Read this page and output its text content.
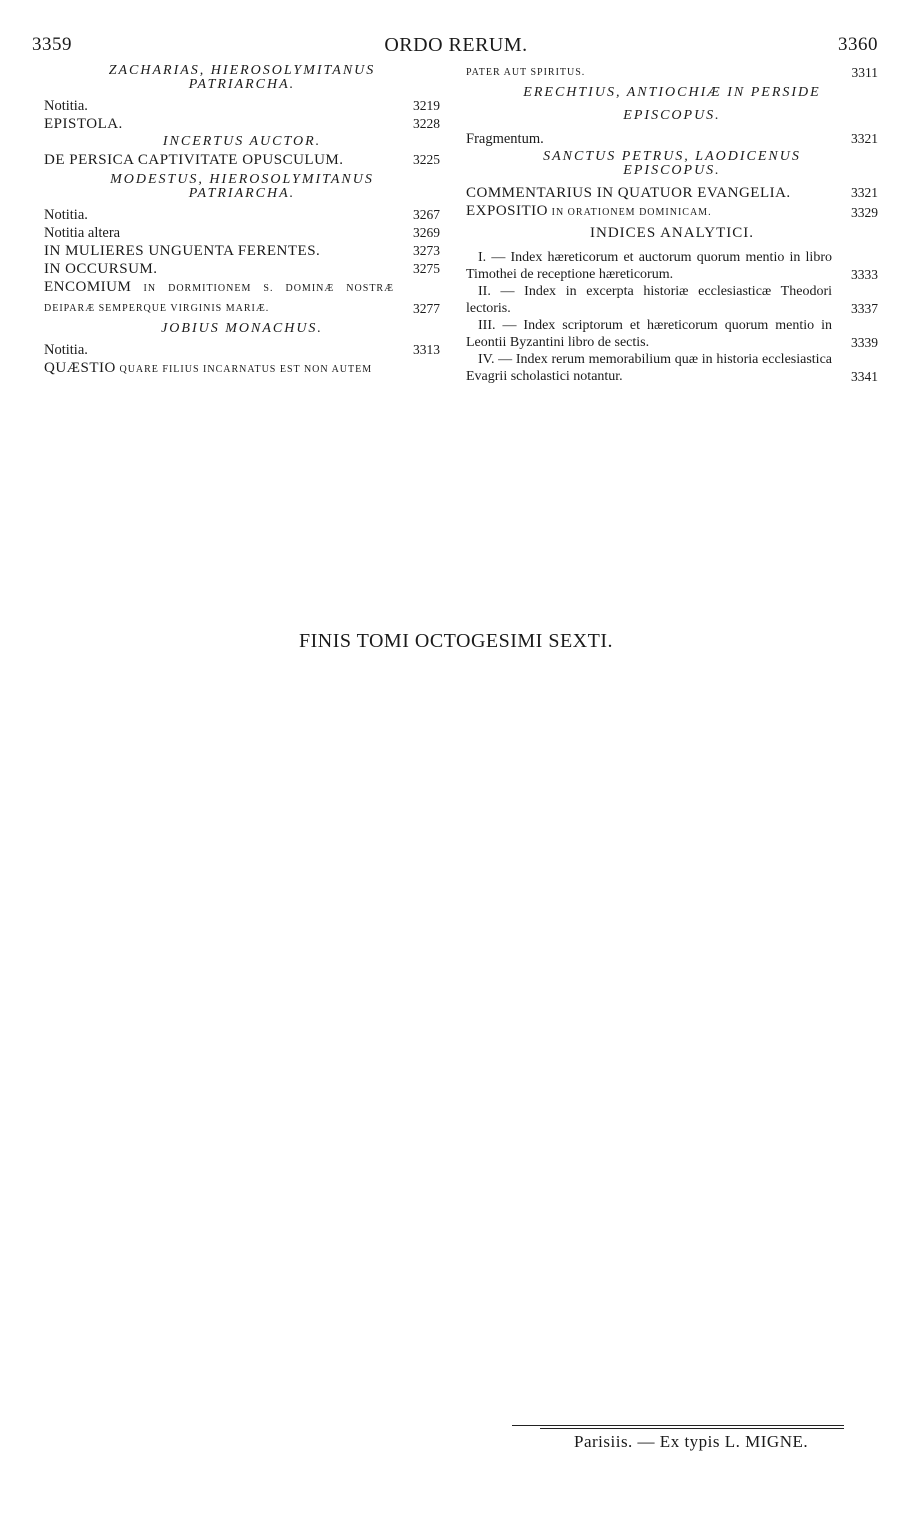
3359	ORDO RERUM.	3360
ZACHARIAS, HIEROSOLYMITANUS
PATRIARCHA.
Notitia.	3219
EPISTOLA.	3228
INCERTUS AUCTOR.
DE PERSICA CAPTIVITATE OPUSCULUM.	3225
MODESTUS, HIEROSOLYMITANUS
PATRIARCHA.
Notitia.	3267
Notitia altera	3269
IN MULIERES UNGUENTA FERENTES.	3273
IN OCCURSUM.	3275
ENCOMIUM IN DORMITIONEM S. DOMINÆ NOSTRÆ DEIPARÆ SEMPERQUE VIRGINIS MARIÆ.	3277
JOBIUS MONACHUS.
Notitia.	3313
QUÆSTIO QUARE FILIUS INCARNATUS EST NON AUTEM
PATER AUT SPIRITUS.	3311
ERECHTIUS, ANTIOCHIÆ IN PERSIDE
EPISCOPUS.
Fragmentum.	3321
SANCTUS PETRUS, LAODICENUS
EPISCOPUS.
COMMENTARIUS IN QUATUOR EVANGELIA.	3321
EXPOSITIO IN ORATIONEM DOMINICAM.	3329
INDICES ANALYTICI.
I. — Index hæreticorum et auctorum quorum mentio in libro Timothei de receptione hæreticorum.	3333
II. — Index in excerpta historiæ ecclesiasticæ Theodori lectoris.	3337
III. — Index scriptorum et hæreticorum quorum mentio in Leontii Byzantini libro de sectis.	3339
IV. — Index rerum memorabilium quæ in historia ecclesiastica Evagrii scholastici notantur.	3341
FINIS TOMI OCTOGESIMI SEXTI.
Parisiis. — Ex typis L. MIGNE.
